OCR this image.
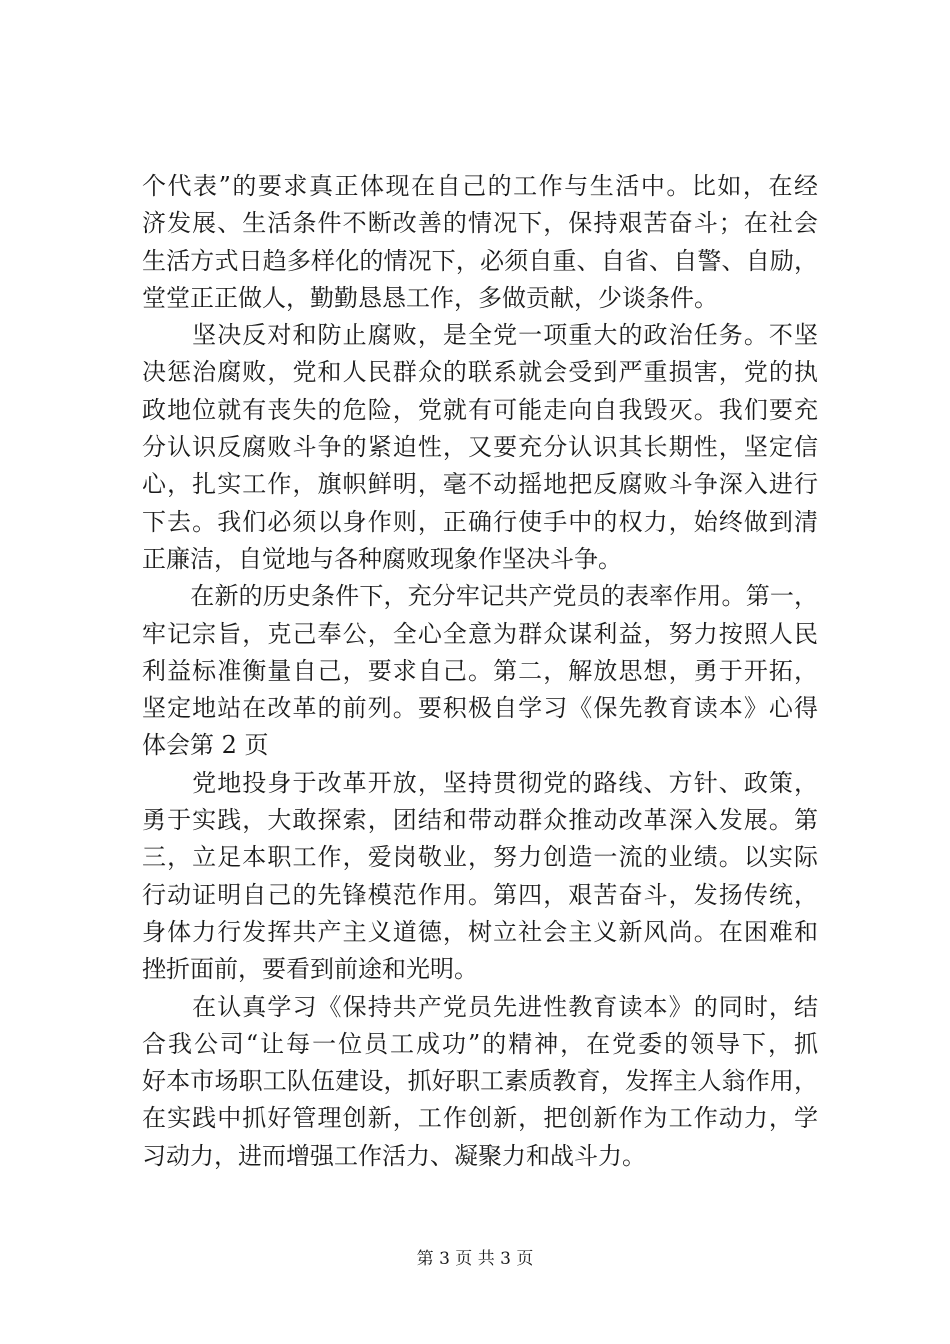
个代表”的要求真正体现在自己的工作与生活中。比如，在经
济发展、生活条件不断改善的情况下，保持艰苦奋斗；在社会
生活方式日趋多样化的情况下，必须自重、自省、自警、自励，
堂堂正正做人，勤勤恳恳工作，多做贡献，少谈条件。
　　坚决反对和防止腐败，是全党一项重大的政治任务。不坚
决惩治腐败，党和人民群众的联系就会受到严重损害，党的执
政地位就有丧失的危险，党就有可能走向自我毁灭。我们要充
分认识反腐败斗争的紧迫性，又要充分认识其长期性，坚定信
心，扎实工作，旗帜鲜明，毫不动摇地把反腐败斗争深入进行
下去。我们必须以身作则，正确行使手中的权力，始终做到清
正廉洁，自觉地与各种腐败现象作坚决斗争。
　　在新的历史条件下，充分牢记共产党员的表率作用。第一，
牢记宗旨，克己奉公，全心全意为群众谋利益，努力按照人民
利益标准衡量自己，要求自己。第二，解放思想，勇于开拓，
坚定地站在改革的前列。要积极自学习《保先教育读本》心得
体会第 2 页
　　党地投身于改革开放，坚持贯彻党的路线、方针、政策，
勇于实践，大敢探索，团结和带动群众推动改革深入发展。第
三，立足本职工作，爱岗敬业，努力创造一流的业绩。以实际
行动证明自己的先锋模范作用。第四，艰苦奋斗，发扬传统，
身体力行发挥共产主义道德，树立社会主义新风尚。在困难和
挫折面前，要看到前途和光明。
　　在认真学习《保持共产党员先进性教育读本》的同时，结
合我公司“让每一位员工成功”的精神，在党委的领导下，抓
好本市场职工队伍建设，抓好职工素质教育，发挥主人翁作用，
在实践中抓好管理创新，工作创新，把创新作为工作动力，学
习动力，进而增强工作活力、凝聚力和战斗力。
第 3 页 共 3 页
